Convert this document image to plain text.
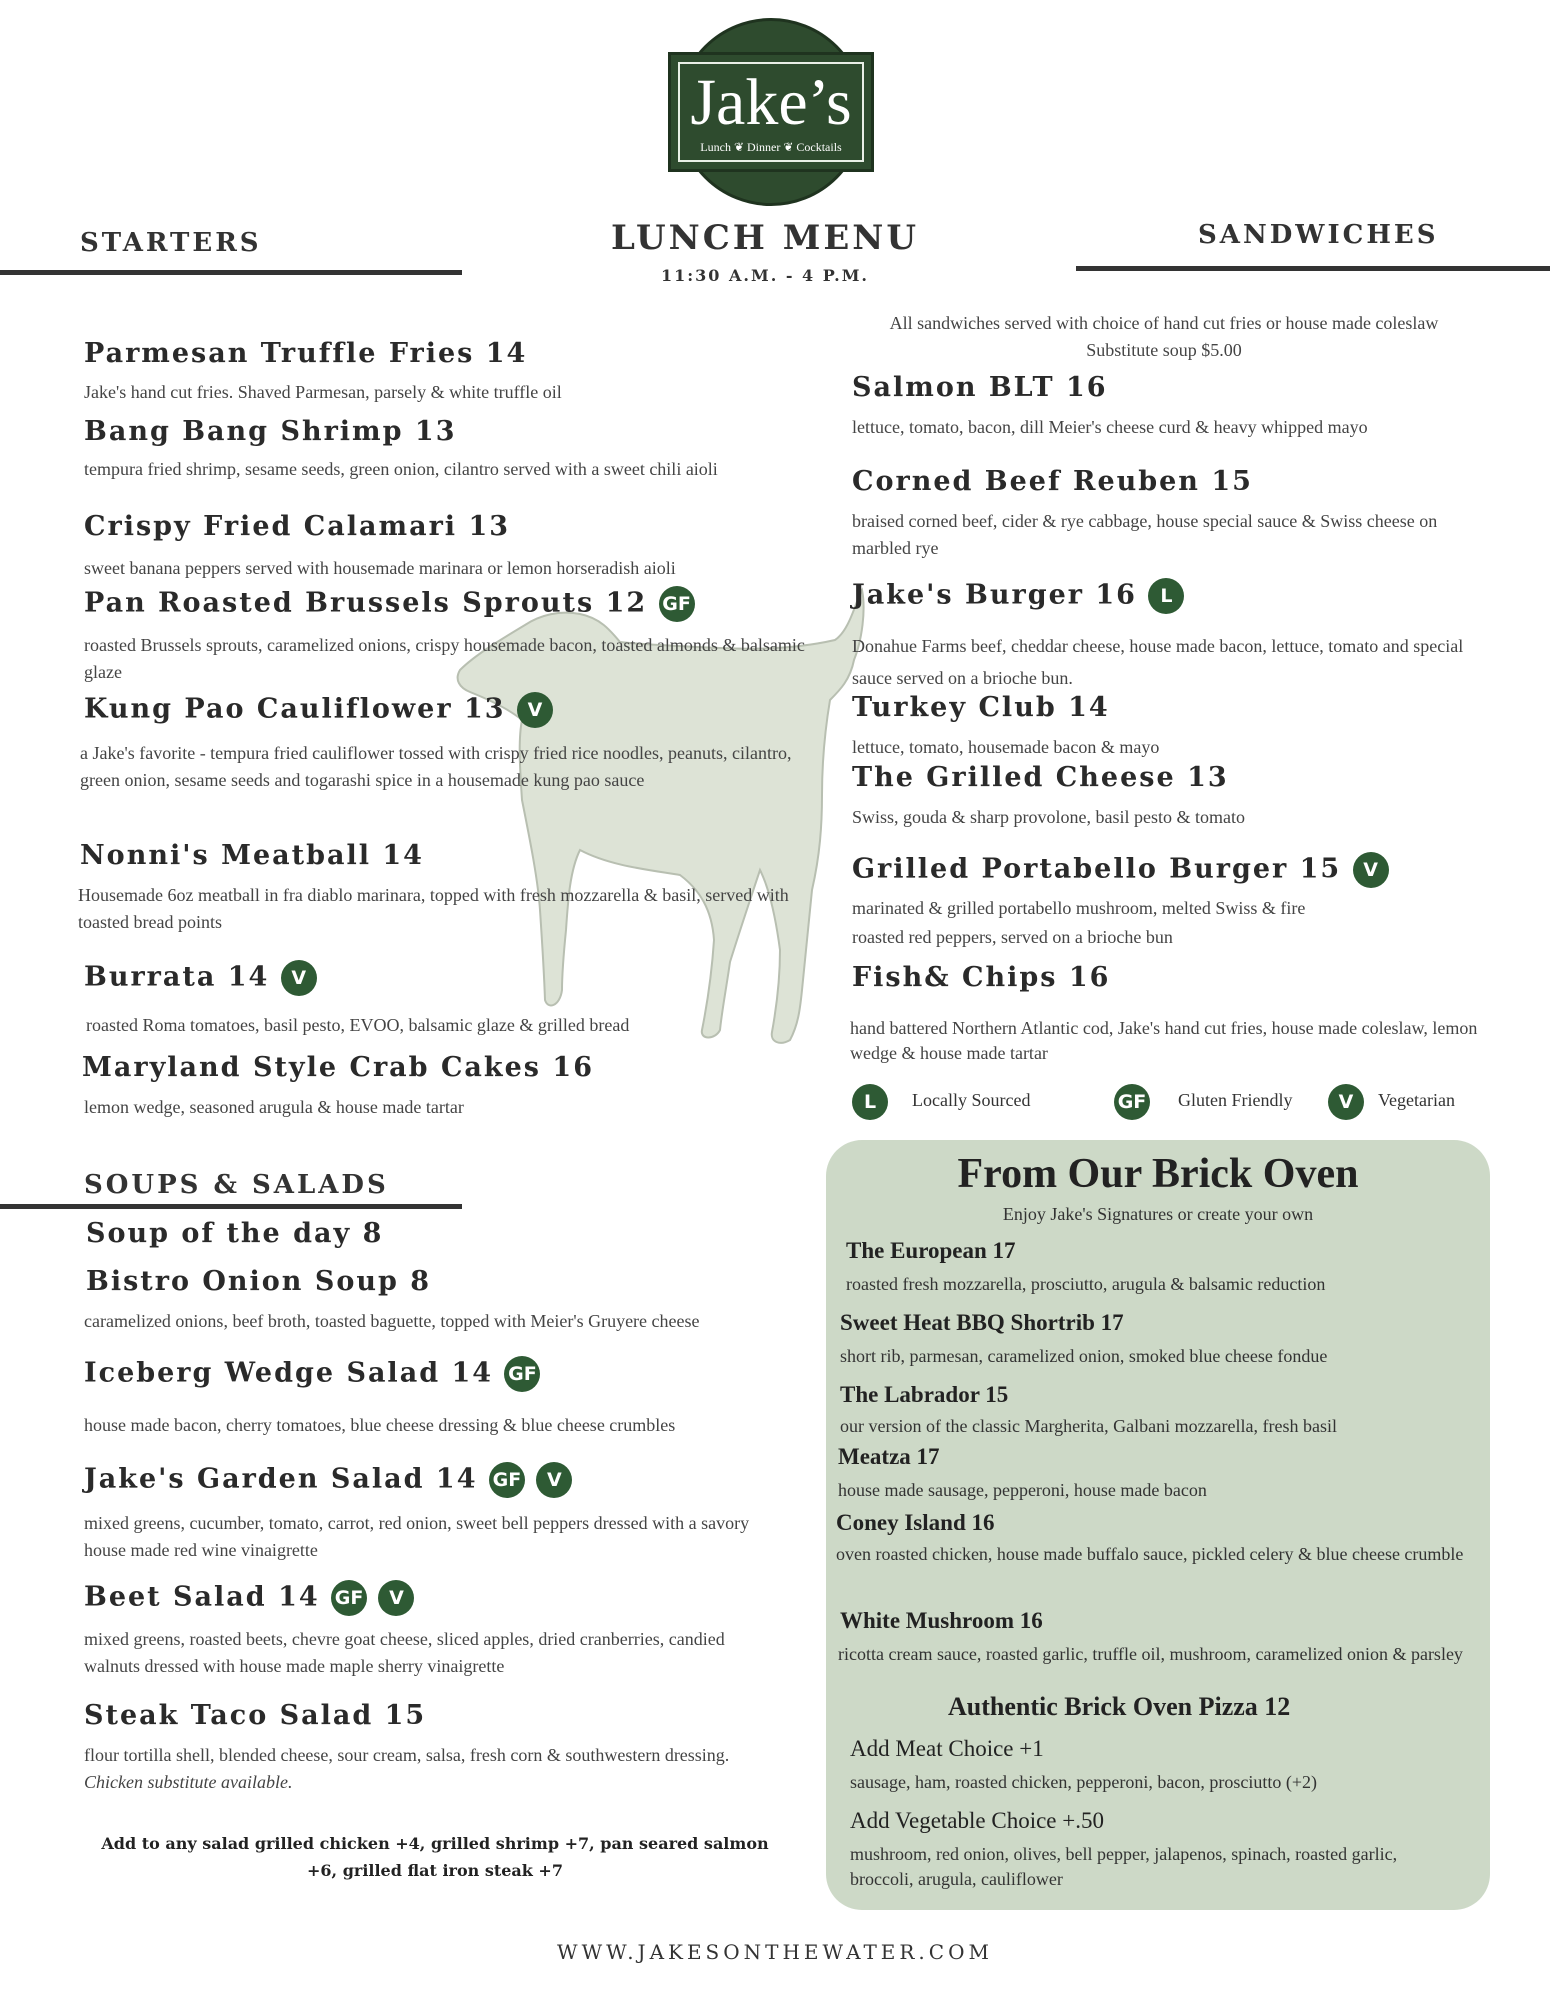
Jake’s
Lunch ❦ Dinner ❦ Cocktails
LUNCH MENU
11:30 A.M. - 4 P.M.
STARTERS	SANDWICHES
SOUPS & SALADS
Parmesan Truffle Fries 14
Jake's hand cut fries. Shaved Parmesan, parsely & white truffle oil
Bang Bang Shrimp 13
tempura fried shrimp, sesame seeds, green onion, cilantro served with a sweet chili aioli
Crispy Fried Calamari 13
sweet banana peppers served with housemade marinara or lemon horseradish aioli
Pan Roasted Brussels Sprouts 12 GF
roasted Brussels sprouts, caramelized onions, crispy housemade bacon, toasted almonds & balsamic glaze
Kung Pao Cauliflower 13 V
a Jake's favorite - tempura fried cauliflower tossed with crispy fried rice noodles, peanuts, cilantro, green onion, sesame seeds and togarashi spice in a housemade kung pao sauce
Nonni's Meatball 14
Housemade 6oz meatball in fra diablo marinara, topped with fresh mozzarella & basil, served with toasted bread points
Burrata 14 V
roasted Roma tomatoes, basil pesto, EVOO, balsamic glaze & grilled bread
Maryland Style Crab Cakes 16
lemon wedge, seasoned arugula & house made tartar
Soup of the day 8
Bistro Onion Soup 8
caramelized onions, beef broth, toasted baguette, topped with Meier's Gruyere cheese
Iceberg Wedge Salad 14 GF
house made bacon, cherry tomatoes, blue cheese dressing & blue cheese crumbles
Jake's Garden Salad 14 GF V
mixed greens, cucumber, tomato, carrot, red onion, sweet bell peppers dressed with a savory house made red wine vinaigrette
Beet Salad 14 GF V
mixed greens, roasted beets, chevre goat cheese, sliced apples, dried cranberries, candied walnuts dressed with house made maple sherry vinaigrette
Steak Taco Salad 15
flour tortilla shell, blended cheese, sour cream, salsa, fresh corn & southwestern dressing. Chicken substitute available.
Add to any salad grilled chicken +4, grilled shrimp +7, pan seared salmon +6, grilled flat iron steak +7
All sandwiches served with choice of hand cut fries or house made coleslaw
Substitute soup $5.00
Salmon BLT 16
lettuce, tomato, bacon, dill Meier's cheese curd & heavy whipped mayo
Corned Beef Reuben 15
braised corned beef, cider & rye cabbage, house special sauce & Swiss cheese on marbled rye
Jake's Burger 16 L
Donahue Farms beef, cheddar cheese, house made bacon, lettuce, tomato and special sauce served on a brioche bun.
Turkey Club 14
lettuce, tomato, housemade bacon & mayo
The Grilled Cheese 13
Swiss, gouda & sharp provolone, basil pesto & tomato
Grilled Portabello Burger 15 V
marinated & grilled portabello mushroom, melted Swiss & fire roasted red peppers, served on a brioche bun
Fish& Chips 16
hand battered Northern Atlantic cod, Jake's hand cut fries, house made coleslaw, lemon wedge & house made tartar
L	Locally Sourced	GF Gluten Friendly	V	Vegetarian
From Our Brick Oven
Enjoy Jake's Signatures or create your own
The European 17
roasted fresh mozzarella, prosciutto, arugula & balsamic reduction
Sweet Heat BBQ Shortrib 17
short rib, parmesan, caramelized onion, smoked blue cheese fondue
The Labrador 15
our version of the classic Margherita, Galbani mozzarella, fresh basil
Meatza 17
house made sausage, pepperoni, house made bacon
Coney Island 16
oven roasted chicken, house made buffalo sauce, pickled celery & blue cheese crumble
White Mushroom 16
ricotta cream sauce, roasted garlic, truffle oil, mushroom, caramelized onion & parsley
Authentic Brick Oven Pizza 12
Add Meat Choice +1
sausage, ham, roasted chicken, pepperoni, bacon, prosciutto (+2)
Add Vegetable Choice +.50
mushroom, red onion, olives, bell pepper, jalapenos, spinach, roasted garlic, broccoli, arugula, cauliflower
WWW.JAKESONTHEWATER.COM
